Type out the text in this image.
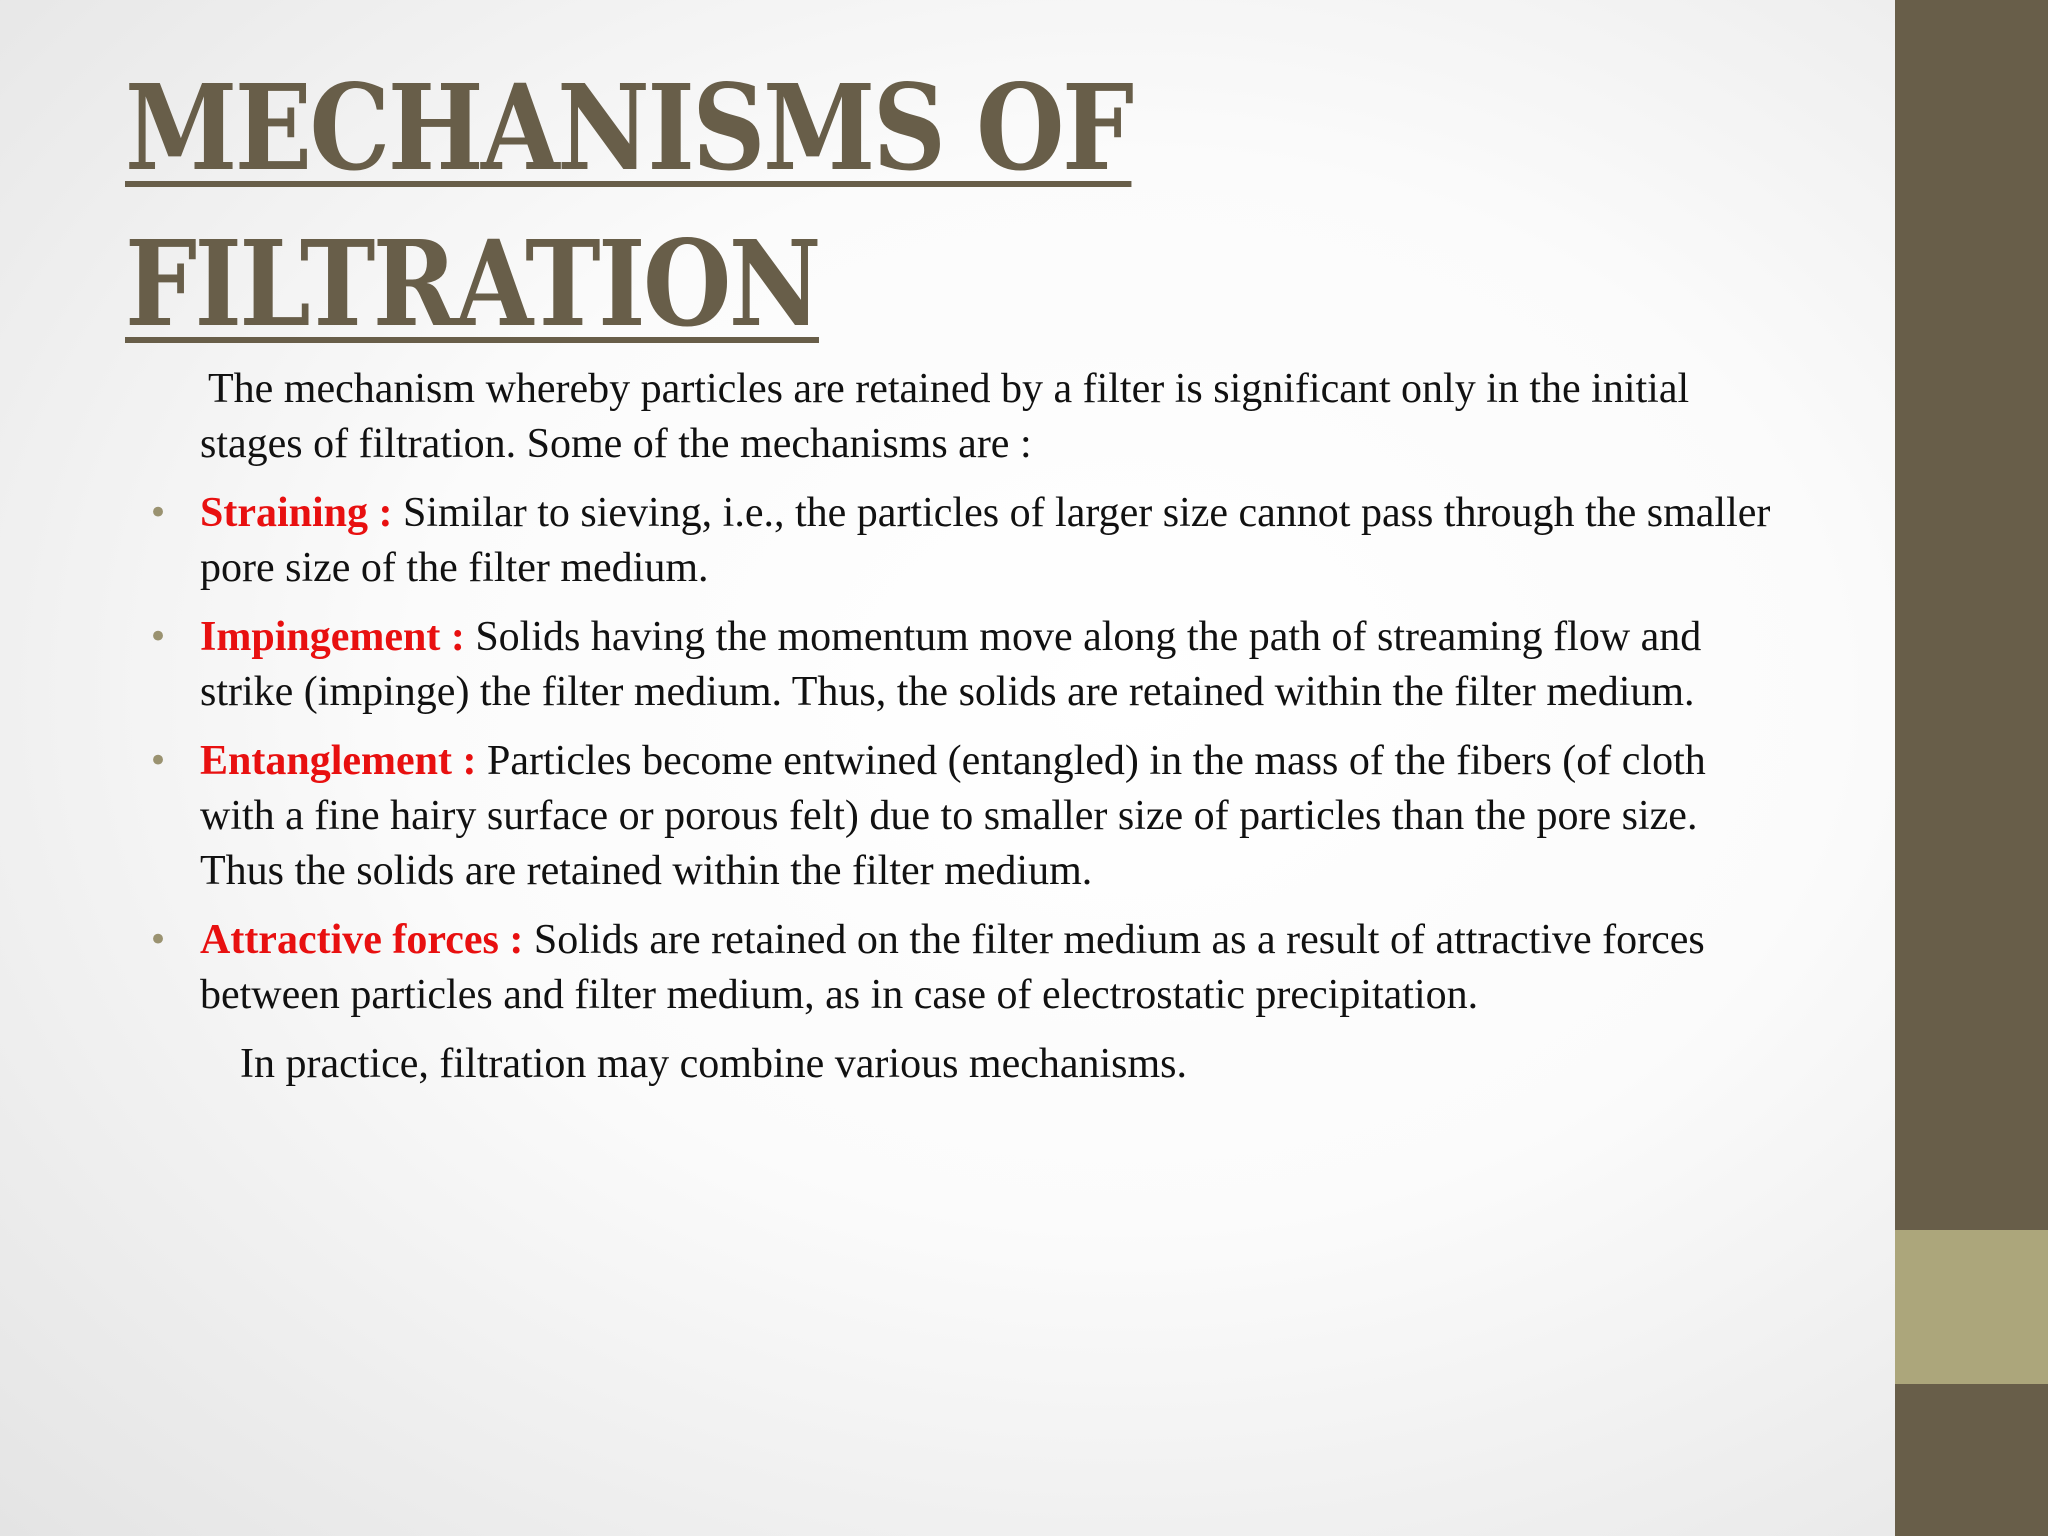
MECHANISMS OF
FILTRATION

The mechanism whereby particles are retained by a filter is significant only in the initial stages of filtration. Some of the mechanisms are :

• Straining : Similar to sieving, i.e., the particles of larger size cannot pass through the smaller pore size of the filter medium.
• Impingement : Solids having the momentum move along the path of streaming flow and strike (impinge) the filter medium. Thus, the solids are retained within the filter medium.
• Entanglement : Particles become entwined (entangled) in the mass of the fibers (of cloth with a fine hairy surface or porous felt) due to smaller size of particles than the pore size. Thus the solids are retained within the filter medium.
• Attractive forces : Solids are retained on the filter medium as a result of attractive forces between particles and filter medium, as in case of electrostatic precipitation.

In practice, filtration may combine various mechanisms.
